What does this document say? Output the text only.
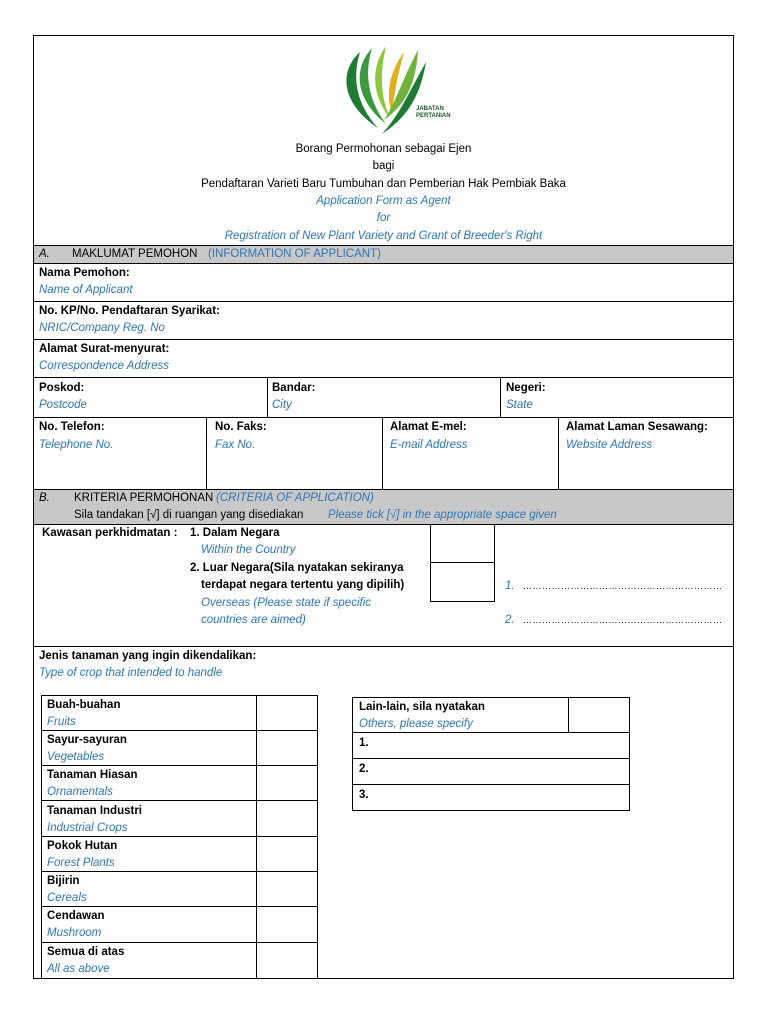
JABATAN
PERTANIAN
Borang Permohonan sebagai Ejen
bagi
Pendaftaran Varieti Baru Tumbuhan dan Pemberian Hak Pembiak Baka
Application Form as Agent
for
Registration of New Plant Variety and Grant of Breeder's Right
A. MAKLUMAT PEMOHON (INFORMATION OF APPLICANT)
Nama Pemohon:
Name of Applicant
No. KP/No. Pendaftaran Syarikat:
NRIC/Company Reg. No
Alamat Surat-menyurat:
Correspondence Address
Poskod:
Postcode
Bandar:
City
Negeri:
State
No. Telefon:
Telephone No.
No. Faks:
Fax No.
Alamat E-mel:
E-mail Address
Alamat Laman Sesawang:
Website Address
B. KRITERIA PERMOHONAN (CRITERIA OF APPLICATION)
Sila tandakan [√] di ruangan yang disediakan Please tick [√] in the appropriate space given
Kawasan perkhidmatan : 1. Dalam Negara
Within the Country
2. Luar Negara(Sila nyatakan sekiranya
terdapat negara tertentu yang dipilih)
Overseas (Please state if specific
countries are aimed)
1. ………………………………………………………
2. ………………………………………………………
Jenis tanaman yang ingin dikendalikan:
Type of crop that intended to handle
Buah-buahan
Fruits
Sayur-sayuran
Vegetables
Tanaman Hiasan
Ornamentals
Tanaman Industri
Industrial Crops
Pokok Hutan
Forest Plants
Bijirin
Cereals
Cendawan
Mushroom
Semua di atas
All as above
Lain-lain, sila nyatakan
Others, please specify
1.
2.
3.
